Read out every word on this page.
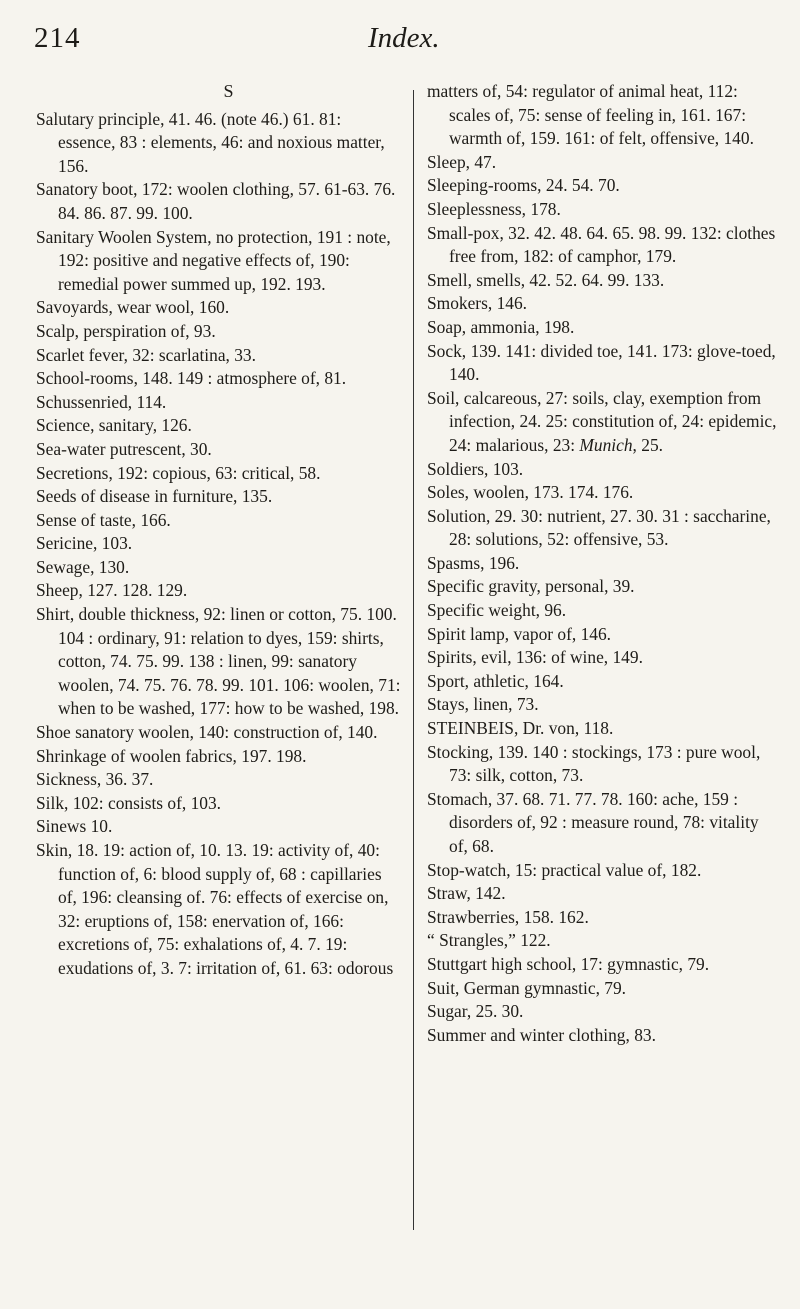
214	Index.
S
Salutary principle, 41. 46. (note 46.) 61. 81: essence, 83 : elements, 46: and noxious matter, 156.
Sanatory boot, 172: woolen clothing, 57. 61-63. 76. 84. 86. 87. 99. 100.
Sanitary Woolen System, no protection, 191 : note, 192: positive and negative effects of, 190: remedial power summed up, 192. 193.
Savoyards, wear wool, 160.
Scalp, perspiration of, 93.
Scarlet fever, 32: scarlatina, 33.
School-rooms, 148. 149 : atmosphere of, 81.
Schussenried, 114.
Science, sanitary, 126.
Sea-water putrescent, 30.
Secretions, 192: copious, 63: critical, 58.
Seeds of disease in furniture, 135.
Sense of taste, 166.
Sericine, 103.
Sewage, 130.
Sheep, 127. 128. 129.
Shirt, double thickness, 92: linen or cotton, 75. 100. 104 : ordinary, 91: relation to dyes, 159: shirts, cotton, 74. 75. 99. 138 : linen, 99: sanatory woolen, 74. 75. 76. 78. 99. 101. 106: woolen, 71: when to be washed, 177: how to be washed, 198.
Shoe sanatory woolen, 140: construction of, 140.
Shrinkage of woolen fabrics, 197. 198.
Sickness, 36. 37.
Silk, 102: consists of, 103.
Sinews 10.
Skin, 18. 19: action of, 10. 13. 19: activity of, 40: function of, 6: blood supply of, 68 : capillaries of, 196: cleansing of. 76: effects of exercise on, 32: eruptions of, 158: enervation of, 166: excretions of, 75: exhalations of, 4. 7. 19: exudations of, 3. 7: irritation of, 61. 63: odorous
matters of, 54: regulator of animal heat, 112: scales of, 75: sense of feeling in, 161. 167: warmth of, 159. 161: of felt, offensive, 140.
Sleep, 47.
Sleeping-rooms, 24. 54. 70.
Sleeplessness, 178.
Small-pox, 32. 42. 48. 64. 65. 98. 99. 132: clothes free from, 182: of camphor, 179.
Smell, smells, 42. 52. 64. 99. 133.
Smokers, 146.
Soap, ammonia, 198.
Sock, 139. 141: divided toe, 141. 173: glove-toed, 140.
Soil, calcareous, 27: soils, clay, exemption from infection, 24. 25: constitution of, 24: epidemic, 24: malarious, 23: Munich, 25.
Soldiers, 103.
Soles, woolen, 173. 174. 176.
Solution, 29. 30: nutrient, 27. 30. 31 : saccharine, 28: solutions, 52: offensive, 53.
Spasms, 196.
Specific gravity, personal, 39.
Specific weight, 96.
Spirit lamp, vapor of, 146.
Spirits, evil, 136: of wine, 149.
Sport, athletic, 164.
Stays, linen, 73.
STEINBEIS, Dr. von, 118.
Stocking, 139. 140 : stockings, 173 : pure wool, 73: silk, cotton, 73.
Stomach, 37. 68. 71. 77. 78. 160: ache, 159 : disorders of, 92 : measure round, 78: vitality of, 68.
Stop-watch, 15: practical value of, 182.
Straw, 142.
Strawberries, 158. 162.
“ Strangles,” 122.
Stuttgart high school, 17: gymnastic, 79.
Suit, German gymnastic, 79.
Sugar, 25. 30.
Summer and winter clothing, 83.
